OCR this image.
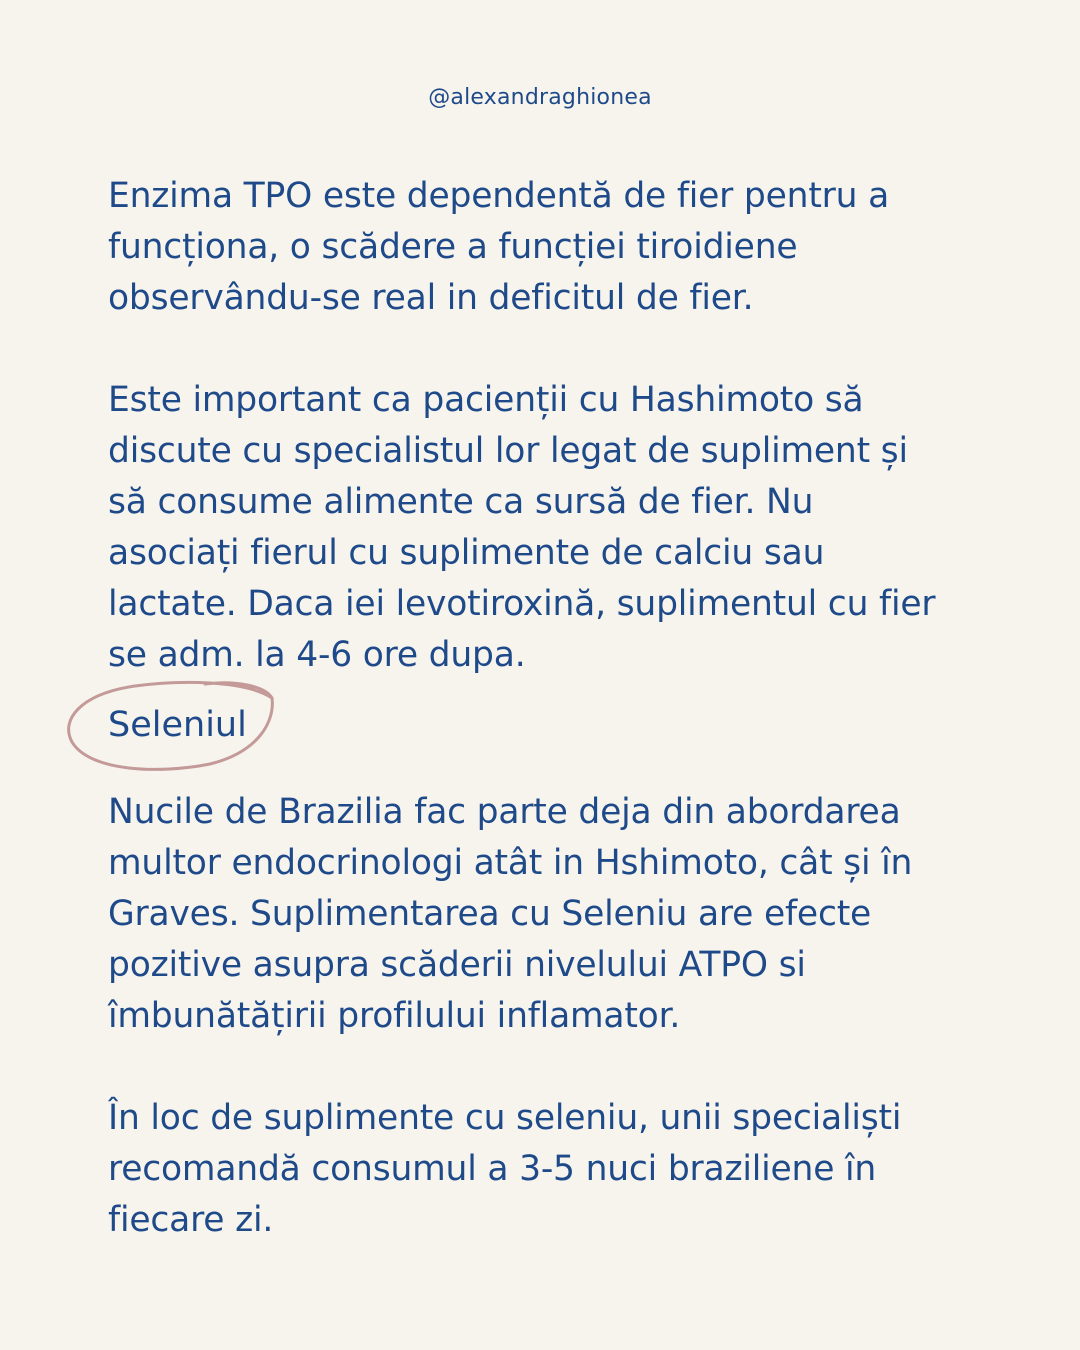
@alexandraghionea

Enzima TPO este dependentă de fier pentru a
funcționa, o scădere a funcției tiroidiene
observându-se real in deficitul de fier.

Este important ca pacienții cu Hashimoto să
discute cu specialistul lor legat de supliment și
să consume alimente ca sursă de fier. Nu
asociați fierul cu suplimente de calciu sau
lactate. Daca iei levotiroxină, suplimentul cu fier
se adm. la 4-6 ore dupa.

Seleniul

Nucile de Brazilia fac parte deja din abordarea
multor endocrinologi atât in Hshimoto, cât și în
Graves. Suplimentarea cu Seleniu are efecte
pozitive asupra scăderii nivelului ATPO si
îmbunătățirii profilului inflamator.

În loc de suplimente cu seleniu, unii specialiști
recomandă consumul a 3-5 nuci braziliene în
fiecare zi.
